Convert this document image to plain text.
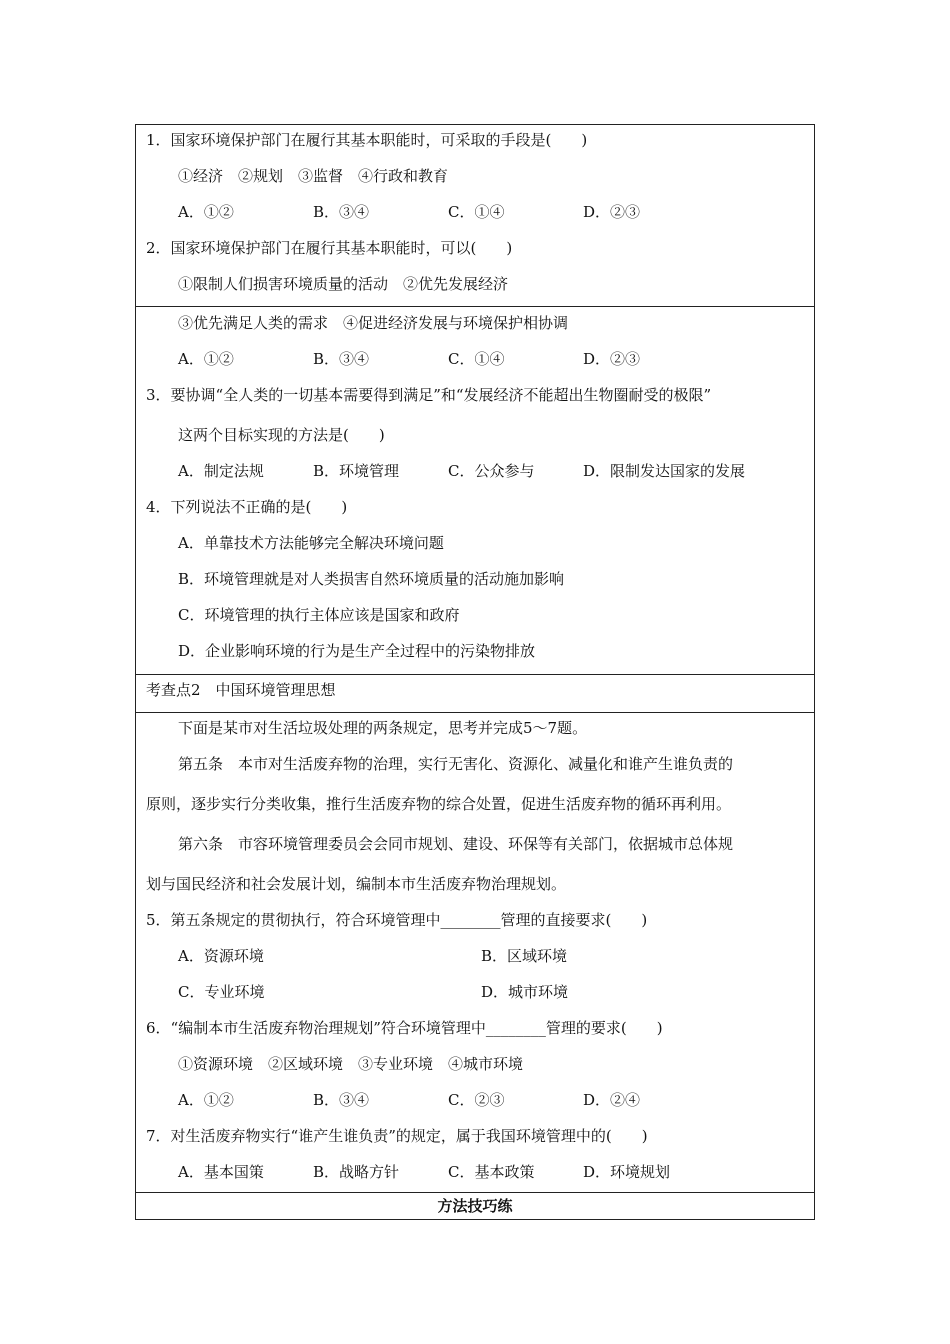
1．国家环境保护部门在履行其基本职能时，可采取的手段是(　　)
①经济　②规划　③监督　④行政和教育
A．①②	B．③④	C．①④	D．②③
2．国家环境保护部门在履行其基本职能时，可以(　　)
①限制人们损害环境质量的活动　②优先发展经济
③优先满足人类的需求　④促进经济发展与环境保护相协调
A．①②	B．③④	C．①④	D．②③
3．要协调“全人类的一切基本需要得到满足”和“发展经济不能超出生物圈耐受的极限”
这两个目标实现的方法是(　　)
A．制定法规	B．环境管理	C．公众参与	D．限制发达国家的发展
4．下列说法不正确的是(　　)
A．单靠技术方法能够完全解决环境问题
B．环境管理就是对人类损害自然环境质量的活动施加影响
C．环境管理的执行主体应该是国家和政府
D．企业影响环境的行为是生产全过程中的污染物排放
考查点2　中国环境管理思想
下面是某市对生活垃圾处理的两条规定，思考并完成5～7题。
第五条　本市对生活废弃物的治理，实行无害化、资源化、减量化和谁产生谁负责的
原则，逐步实行分类收集，推行生活废弃物的综合处置，促进生活废弃物的循环再利用。
第六条　市容环境管理委员会会同市规划、建设、环保等有关部门，依据城市总体规
划与国民经济和社会发展计划，编制本市生活废弃物治理规划。
5．第五条规定的贯彻执行，符合环境管理中________管理的直接要求(　　)
A．资源环境	B．区域环境
C．专业环境	D．城市环境
6．“编制本市生活废弃物治理规划”符合环境管理中________管理的要求(　　)
①资源环境　②区域环境　③专业环境　④城市环境
A．①②	B．③④	C．②③	D．②④
7．对生活废弃物实行“谁产生谁负责”的规定，属于我国环境管理中的(　　)
A．基本国策	B．战略方针	C．基本政策	D．环境规划
方法技巧练
